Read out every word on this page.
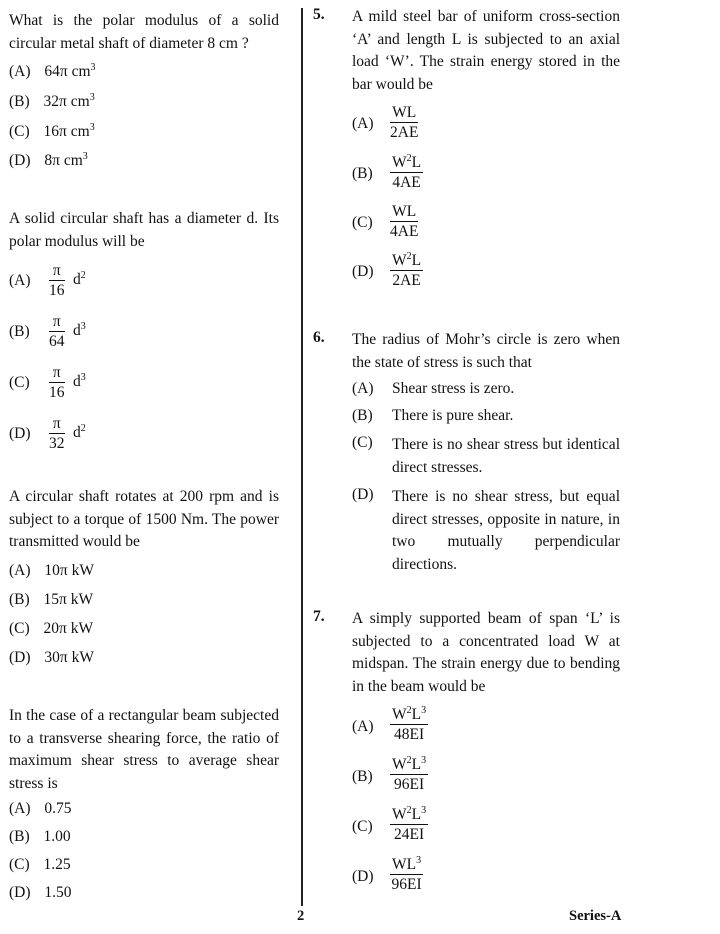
What is the polar modulus of a solid circular metal shaft of diameter 8 cm ?
(A) 64π $cm^3$
(B) 32π $cm^3$
(C) 16π $cm^3$
(D) 8π $cm^3$
A solid circular shaft has a diameter d. Its polar modulus will be
$(A) \frac{\pi}{16} d^2$
$(B) \frac{\pi}{64} d^3$
$(C) \frac{\pi}{16} d^3$
$(D) \frac{\pi}{32} d^2$
A circular shaft rotates at 200 rpm and is subject to a torque of 1500 Nm. The power transmitted would be
(A) 10π kW
(B) 15π kW
(C) 20π kW
(D) 30π kW
In the case of a rectangular beam subjected to a transverse shearing force, the ratio of maximum shear stress to average shear stress is
(A) 0.75
(B) 1.00
(C) 1.25
(D) 1.50
5. A mild steel bar of uniform cross-section ‘A’ and length L is subjected to an axial load ‘W’. The strain energy stored in the bar would be
$(A) \frac{WL}{2AE}$
$(B) \frac{W^2L}{4AE}$
$(C) \frac{WL}{4AE}$
$(D) \frac{W^2L}{2AE}$
6. The radius of Mohr’s circle is zero when the state of stress is such that
(A) Shear stress is zero.
(B) There is pure shear.
(C) There is no shear stress but identical direct stresses.
(D) There is no shear stress, but equal direct stresses, opposite in nature, in two mutually perpendicular directions.
7. A simply supported beam of span ‘L’ is subjected to a concentrated load W at midspan. The strain energy due to bending in the beam would be
$(A) \frac{W^2L^3}{48EI}$
$(B) \frac{W^2L^3}{96EI}$
$(C) \frac{W^2L^3}{24EI}$
$(D) \frac{WL^3}{96EI}$
2	Series-A
